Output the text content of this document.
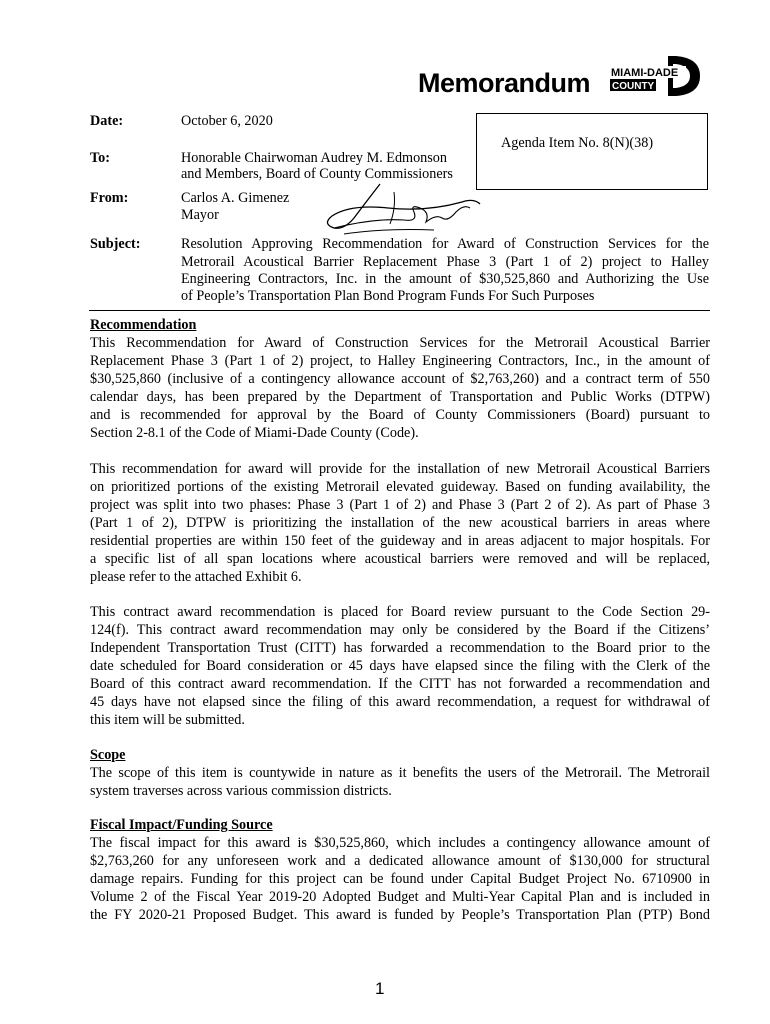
Memorandum MIAMI-DADE
COUNTY
Date:	October 6, 2020
Agenda Item No. 8(N)(38)
To:	Honorable Chairwoman Audrey M. Edmonson
and Members, Board of County Commissioners
From:	Carlos A. Gimenez
Mayor
Subject:	Resolution Approving Recommendation for Award of Construction Services for the
Metrorail Acoustical Barrier Replacement Phase 3 (Part 1 of 2) project to Halley
Engineering Contractors, Inc. in the amount of $30,525,860 and Authorizing the Use
of People’s Transportation Plan Bond Program Funds For Such Purposes
Recommendation
This Recommendation for Award of Construction Services for the Metrorail Acoustical Barrier
Replacement Phase 3 (Part 1 of 2) project, to Halley Engineering Contractors, Inc., in the amount of
$30,525,860 (inclusive of a contingency allowance account of $2,763,260) and a contract term of 550
calendar days, has been prepared by the Department of Transportation and Public Works (DTPW)
and is recommended for approval by the Board of County Commissioners (Board) pursuant to
Section 2-8.1 of the Code of Miami-Dade County (Code).
This recommendation for award will provide for the installation of new Metrorail Acoustical Barriers
on prioritized portions of the existing Metrorail elevated guideway. Based on funding availability, the
project was split into two phases: Phase 3 (Part 1 of 2) and Phase 3 (Part 2 of 2). As part of Phase 3
(Part 1 of 2), DTPW is prioritizing the installation of the new acoustical barriers in areas where
residential properties are within 150 feet of the guideway and in areas adjacent to major hospitals. For
a specific list of all span locations where acoustical barriers were removed and will be replaced,
please refer to the attached Exhibit 6.
This contract award recommendation is placed for Board review pursuant to the Code Section 29-
124(f). This contract award recommendation may only be considered by the Board if the Citizens’
Independent Transportation Trust (CITT) has forwarded a recommendation to the Board prior to the
date scheduled for Board consideration or 45 days have elapsed since the filing with the Clerk of the
Board of this contract award recommendation. If the CITT has not forwarded a recommendation and
45 days have not elapsed since the filing of this award recommendation, a request for withdrawal of
this item will be submitted.
Scope
The scope of this item is countywide in nature as it benefits the users of the Metrorail. The Metrorail
system traverses across various commission districts.
Fiscal Impact/Funding Source
The fiscal impact for this award is $30,525,860, which includes a contingency allowance amount of
$2,763,260 for any unforeseen work and a dedicated allowance amount of $130,000 for structural
damage repairs. Funding for this project can be found under Capital Budget Project No. 6710900 in
Volume 2 of the Fiscal Year 2019-20 Adopted Budget and Multi-Year Capital Plan and is included in
the FY 2020-21 Proposed Budget. This award is funded by People’s Transportation Plan (PTP) Bond
1
